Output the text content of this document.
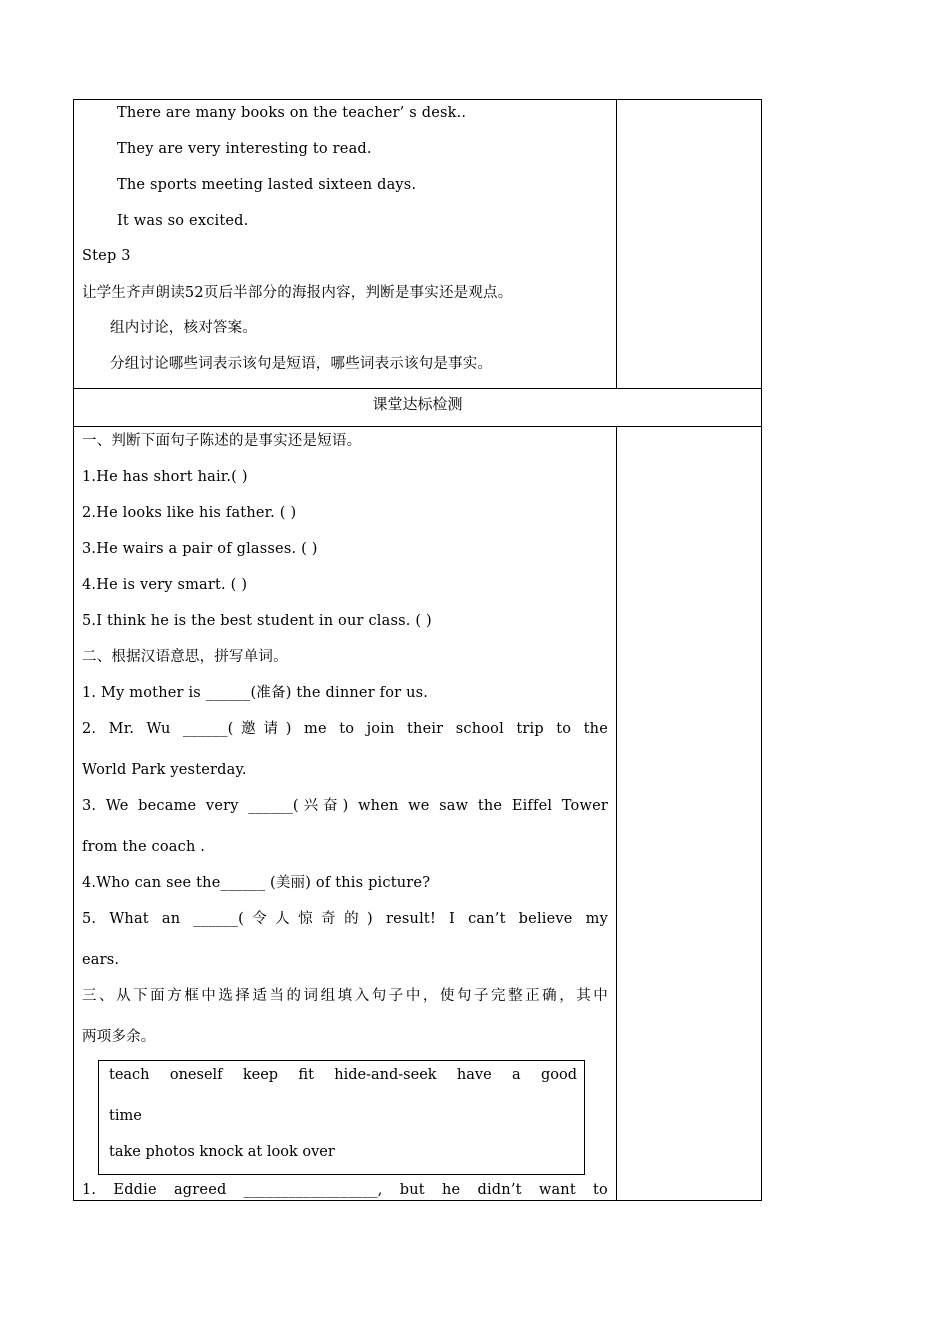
There are many books on the teacher’ s desk..
They are very interesting to read.
The sports meeting lasted sixteen days.
It was so excited.
Step 3
让学生齐声朗读52页后半部分的海报内容，判断是事实还是观点。
组内讨论，核对答案。
分组讨论哪些词表示该句是短语，哪些词表示该句是事实。
课堂达标检测
一、判断下面句子陈述的是事实还是短语。
1.He has short hair.( )
2.He looks like his father. ( )
3.He wairs a pair of glasses. ( )
4.He is very smart. ( )
5.I think he is the best student in our class. ( )
二、根据汉语意思，拼写单词。
1. My mother is ______(准备) the dinner for us.
2. Mr. Wu ______(邀请) me to join their school trip to the
World Park yesterday.
3. We became very ______(兴奋) when we saw the Eiffel Tower
from the coach .
4.Who can see the______ (美丽) of this picture?
5. What an ______(令人惊奇的) result! I can’t believe my
ears.
三、从下面方框中选择适当的词组填入句子中，使句子完整正确，其中
两项多余。
teach oneself keep fit hide-and-seek have a good
time
take photos knock at look over
1. Eddie agreed __________________, but he didn’t want to
